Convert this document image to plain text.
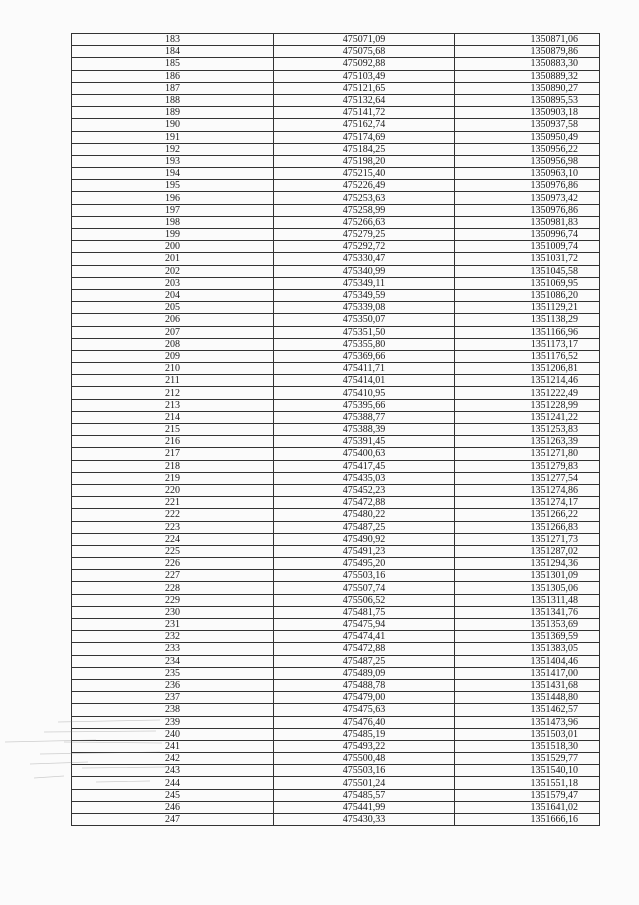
183	475071,09	1350871,06
184	475075,68	1350879,86
185	475092,88	1350883,30
186	475103,49	1350889,32
187	475121,65	1350890,27
188	475132,64	1350895,53
189	475141,72	1350903,18
190	475162,74	1350937,58
191	475174,69	1350950,49
192	475184,25	1350956,22
193	475198,20	1350956,98
194	475215,40	1350963,10
195	475226,49	1350976,86
196	475253,63	1350973,42
197	475258,99	1350976,86
198	475266,63	1350981,83
199	475279,25	1350996,74
200	475292,72	1351009,74
201	475330,47	1351031,72
202	475340,99	1351045,58
203	475349,11	1351069,95
204	475349,59	1351086,20
205	475339,08	1351129,21
206	475350,07	1351138,29
207	475351,50	1351166,96
208	475355,80	1351173,17
209	475369,66	1351176,52
210	475411,71	1351206,81
211	475414,01	1351214,46
212	475410,95	1351222,49
213	475395,66	1351228,99
214	475388,77	1351241,22
215	475388,39	1351253,83
216	475391,45	1351263,39
217	475400,63	1351271,80
218	475417,45	1351279,83
219	475435,03	1351277,54
220	475452,23	1351274,86
221	475472,88	1351274,17
222	475480,22	1351266,22
223	475487,25	1351266,83
224	475490,92	1351271,73
225	475491,23	1351287,02
226	475495,20	1351294,36
227	475503,16	1351301,09
228	475507,74	1351305,06
229	475506,52	1351311,48
230	475481,75	1351341,76
231	475475,94	1351353,69
232	475474,41	1351369,59
233	475472,88	1351383,05
234	475487,25	1351404,46
235	475489,09	1351417,00
236	475488,78	1351431,68
237	475479,00	1351448,80
238	475475,63	1351462,57
239	475476,40	1351473,96
240	475485,19	1351503,01
241	475493,22	1351518,30
242	475500,48	1351529,77
243	475503,16	1351540,10
244	475501,24	1351551,18
245	475485,57	1351579,47
246	475441,99	1351641,02
247	475430,33	1351666,16
